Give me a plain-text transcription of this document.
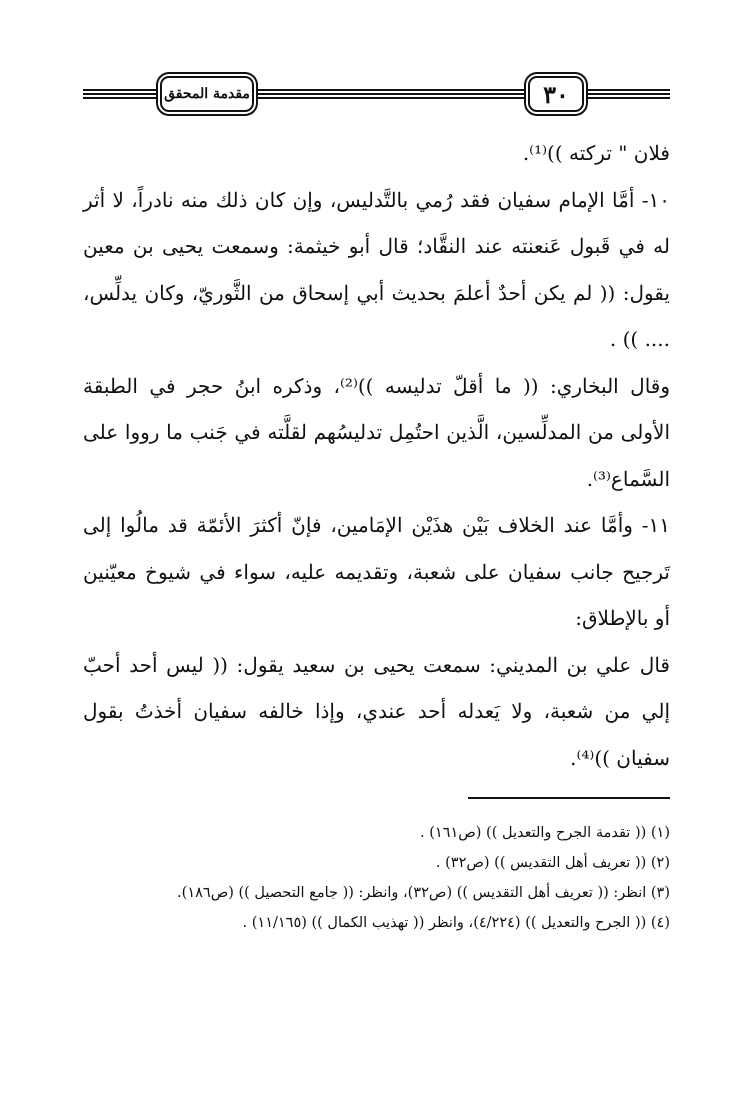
٣٠
مقدمة المحقق

فلان " تركته ))⁽¹⁾.

١٠- أمَّا الإمام سفيان فقد رُمي بالتَّدليس، وإن كان ذلك منه نادراً، لا أثر له في قَبول عَنعنته عند النقَّاد؛ قال أبو خيثمة: وسمعت يحيى بن معين يقول: (( لم يكن أحدٌ أعلمَ بحديث أبي إسحاق من الثَّوريّ، وكان يدلِّس، .... )) .

وقال البخاري: (( ما أقلّ تدليسه ))⁽²⁾، وذكره ابنُ حجر في الطبقة الأولى من المدلِّسين، الَّذين احتُمِل تدليسُهم لقلَّته في جَنب ما رووا على السَّماع⁽³⁾.

١١- وأمَّا عند الخلاف بَيْن هذَيْن الإمَامين، فإنّ أكثرَ الأئمّة قد مالُوا إلى تَرجيح جانب سفيان على شعبة، وتقديمه عليه، سواء في شيوخ معيّنين أو بالإطلاق:

قال علي بن المديني: سمعت يحيى بن سعيد يقول: (( ليس أحد أحبّ إلي من شعبة، ولا يَعدله أحد عندي، وإذا خالفه سفيان أخذتُ بقول سفيان ))⁽⁴⁾.

(١) (( تقدمة الجرح والتعديل )) (ص١٦١) .

(٢) (( تعريف أهل التقديس )) (ص٣٢) .

(٣) انظر: (( تعريف أهل التقديس )) (ص٣٢)، وانظر: (( جامع التحصيل )) (ص١٨٦).

(٤) (( الجرح والتعديل )) (٤/٢٢٤)، وانظر (( تهذيب الكمال )) (١١/١٦٥) .
